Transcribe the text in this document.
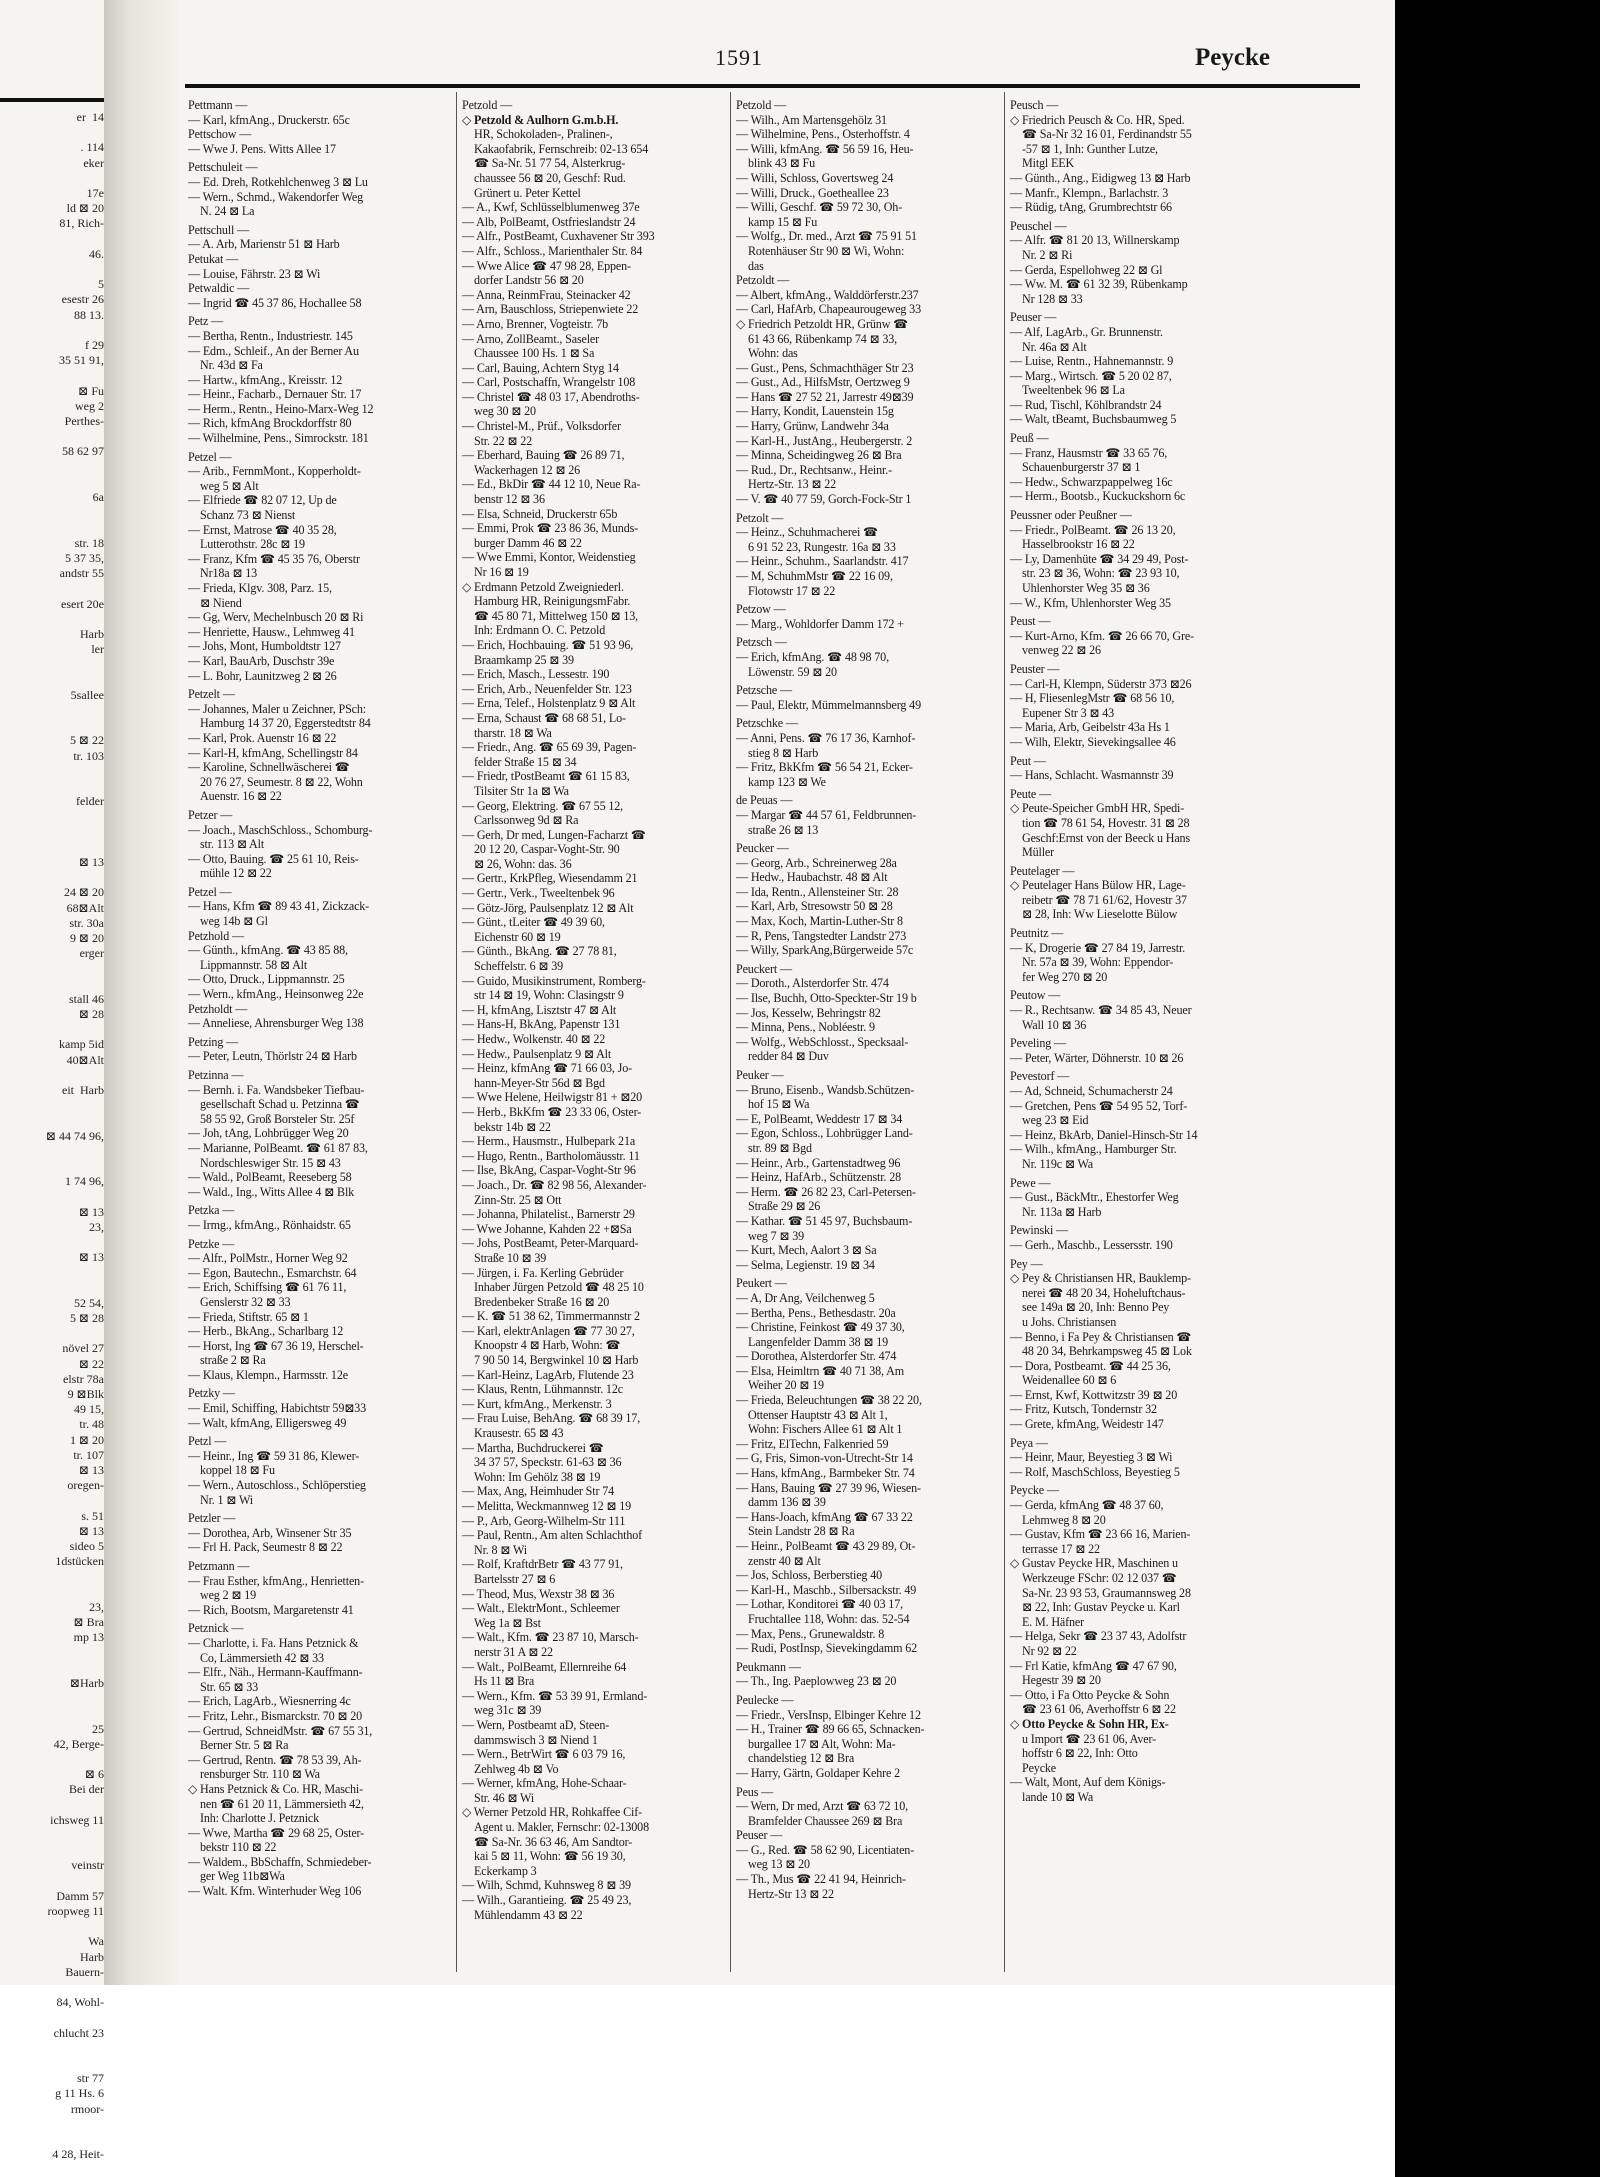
er  14

. 114
eker

17e
ld ⊠ 20
81, Rich-

46.

5
esestr 26
88 13.

f 29
35 51 91,

⊠ Fu
weg 2
Perthes-

58 62 97

6a

str. 18
5 37 35,
andstr 55

esert 20e

Harb
ler

5sallee

5 ⊠ 22
tr. 103

felder

⊠ 13

24 ⊠ 20
68⊠Alt
str. 30a
9 ⊠ 20
erger

stall 46
⊠ 28

kamp 5id
40⊠Alt

eit  Harb

⊠ 44 74 96,

1 74 96,

⊠ 13
23,

⊠ 13

52 54,
5 ⊠ 28

növel 27
⊠ 22
elstr 78a
9 ⊠Blk
49 15,
tr. 48
1 ⊠ 20
tr. 107
⊠ 13
oregen-

s. 51
⊠ 13
sideo 5
1dstücken

23,
⊠ Bra
mp 13

⊠Harb

25
42, Berge-

⊠ 6
Bei der

ichsweg 11

veinstr

Damm 57
roopweg 11

Wa
Harb
Bauern-

84, Wohl-

chlucht 23

str 77
g 11 Hs. 6
rmoor-

4 28, Heit-
1591	Peycke
Pettmann —
— Karl, kfmAng., Druckerstr. 65c
Pettschow —
— Wwe J. Pens. Witts Allee 17

Pettschuleit —
— Ed. Dreh, Rotkehlchenweg 3 ⊠ Lu
— Wern., Schmd., Wakendorfer Weg
N. 24 ⊠ La

Pettschull —
— A. Arb, Marienstr 51 ⊠ Harb
Petukat —
— Louise, Fährstr. 23 ⊠ Wi
Petwaldic —
— Ingrid ☎ 45 37 86, Hochallee 58

Petz —
— Bertha, Rentn., Industriestr. 145
— Edm., Schleif., An der Berner Au
Nr. 43d ⊠ Fa
— Hartw., kfmAng., Kreisstr. 12
— Heinr., Facharb., Dernauer Str. 17
— Herm., Rentn., Heino-Marx-Weg 12
— Rich, kfmAng Brockdorffstr 80
— Wilhelmine, Pens., Simrockstr. 181

Petzel —
— Arib., FernmMont., Kopperholdt-
weg 5 ⊠ Alt
— Elfriede ☎ 82 07 12, Up de
Schanz 73 ⊠ Nienst
— Ernst, Matrose ☎ 40 35 28,
Lutterothstr. 28c ⊠ 19
— Franz, Kfm ☎ 45 35 76, Oberstr
Nr18a ⊠ 13
— Frieda, Klgv. 308, Parz. 15,
⊠ Niend
— Gg, Werv, Mechelnbusch 20 ⊠ Ri
— Henriette, Hausw., Lehmweg 41
— Johs, Mont, Humboldtstr 127
— Karl, BauArb, Duschstr 39e
— L. Bohr, Launitzweg 2 ⊠ 26

Petzelt —
— Johannes, Maler u Zeichner, PSch:
Hamburg 14 37 20, Eggerstedtstr 84
— Karl, Prok. Auenstr 16 ⊠ 22
— Karl-H, kfmAng, Schellingstr 84
— Karoline, Schnellwäscherei ☎
20 76 27, Seumestr. 8 ⊠ 22, Wohn
Auenstr. 16 ⊠ 22

Petzer —
— Joach., MaschSchloss., Schomburg-
str. 113 ⊠ Alt
— Otto, Bauing. ☎ 25 61 10, Reis-
mühle 12 ⊠ 22

Petzel —
— Hans, Kfm ☎ 89 43 41, Zickzack-
weg 14b ⊠ Gl
Petzhold —
— Günth., kfmAng. ☎ 43 85 88,
Lippmannstr. 58 ⊠ Alt
— Otto, Druck., Lippmannstr. 25
— Wern., kfmAng., Heinsonweg 22e
Petzholdt —
— Anneliese, Ahrensburger Weg 138

Petzing —
— Peter, Leutn, Thörlstr 24 ⊠ Harb

Petzinna —
— Bernh. i. Fa. Wandsbeker Tiefbau-
gesellschaft Schad u. Petzinna ☎
58 55 92, Groß Borsteler Str. 25f
— Joh, tAng, Lohbrügger Weg 20
— Marianne, PolBeamt. ☎ 61 87 83,
Nordschleswiger Str. 15 ⊠ 43
— Wald., PolBeamt, Reeseberg 58
— Wald., Ing., Witts Allee 4 ⊠ Blk

Petzka —
— Irmg., kfmAng., Rönhaidstr. 65

Petzke —
— Alfr., PolMstr., Horner Weg 92
— Egon, Bautechn., Esmarchstr. 64
— Erich, Schiffsing ☎ 61 76 11,
Genslerstr 32 ⊠ 33
— Frieda, Stiftstr. 65 ⊠ 1
— Herb., BkAng., Scharlbarg 12
— Horst, Ing ☎ 67 36 19, Herschel-
straße 2 ⊠ Ra
— Klaus, Klempn., Harmsstr. 12e

Petzky —
— Emil, Schiffing, Habichtstr 59⊠33
— Walt, kfmAng, Elligersweg 49

Petzl —
— Heinr., Ing ☎ 59 31 86, Klewer-
koppel 18 ⊠ Fu
— Wern., Autoschloss., Schlöperstieg
Nr. 1 ⊠ Wi

Petzler —
— Dorothea, Arb, Winsener Str 35
— Frl H. Pack, Seumestr 8 ⊠ 22

Petzmann —
— Frau Esther, kfmAng., Henrietten-
weg 2 ⊠ 19
— Rich, Bootsm, Margaretenstr 41

Petznick —
— Charlotte, i. Fa. Hans Petznick &
Co, Lämmersieth 42 ⊠ 33
— Elfr., Näh., Hermann-Kauffmann-
Str. 65 ⊠ 33
— Erich, LagArb., Wiesnerring 4c
— Fritz, Lehr., Bismarckstr. 70 ⊠ 20
— Gertrud, SchneidMstr. ☎ 67 55 31,
Berner Str. 5 ⊠ Ra
— Gertrud, Rentn. ☎ 78 53 39, Ah-
rensburger Str. 110 ⊠ Wa
◇ Hans Petznick & Co. HR, Maschi-
nen ☎ 61 20 11, Lämmersieth 42,
Inh: Charlotte J. Petznick
— Wwe, Martha ☎ 29 68 25, Oster-
bekstr 110 ⊠ 22
— Waldem., BbSchaffn, Schmiedeber-
ger Weg 11b⊠Wa
— Walt. Kfm. Winterhuder Weg 106
Petzold —
◇ Petzold & Aulhorn G.m.b.H.
HR, Schokoladen-, Pralinen-,
Kakaofabrik, Fernschreib: 02-13 654
☎ Sa-Nr. 51 77 54, Alsterkrug-
chaussee 56 ⊠ 20, Geschf: Rud.
Grünert u. Peter Kettel
— A., Kwf, Schlüsselblumenweg 37e
— Alb, PolBeamt, Ostfrieslandstr 24
— Alfr., PostBeamt, Cuxhavener Str 393
— Alfr., Schloss., Marienthaler Str. 84
— Wwe Alice ☎ 47 98 28, Eppen-
dorfer Landstr 56 ⊠ 20
— Anna, ReinmFrau, Steinacker 42
— Arn, Bauschloss, Striepenwiete 22
— Arno, Brenner, Vogteistr. 7b
— Arno, ZollBeamt., Saseler
Chaussee 100 Hs. 1 ⊠ Sa
— Carl, Bauing, Achtern Styg 14
— Carl, Postschaffn, Wrangelstr 108
— Christel ☎ 48 03 17, Abendroths-
weg 30 ⊠ 20
— Christel-M., Prüf., Volksdorfer
Str. 22 ⊠ 22
— Eberhard, Bauing ☎ 26 89 71,
Wackerhagen 12 ⊠ 26
— Ed., BkDir ☎ 44 12 10, Neue Ra-
benstr 12 ⊠ 36
— Elsa, Schneid, Druckerstr 65b
— Emmi, Prok ☎ 23 86 36, Munds-
burger Damm 46 ⊠ 22
— Wwe Emmi, Kontor, Weidenstieg
Nr 16 ⊠ 19
◇ Erdmann Petzold Zweigniederl.
Hamburg HR, ReinigungsmFabr.
☎ 45 80 71, Mittelweg 150 ⊠ 13,
Inh: Erdmann O. C. Petzold
— Erich, Hochbauing. ☎ 51 93 96,
Braamkamp 25 ⊠ 39
— Erich, Masch., Lessestr. 190
— Erich, Arb., Neuenfelder Str. 123
— Erna, Telef., Holstenplatz 9 ⊠ Alt
— Erna, Schaust ☎ 68 68 51, Lo-
tharstr. 18 ⊠ Wa
— Friedr., Ang. ☎ 65 69 39, Pagen-
felder Straße 15 ⊠ 34
— Friedr, tPostBeamt ☎ 61 15 83,
Tilsiter Str 1a ⊠ Wa
— Georg, Elektring. ☎ 67 55 12,
Carlssonweg 9d ⊠ Ra
— Gerh, Dr med, Lungen-Facharzt ☎
20 12 20, Caspar-Voght-Str. 90
⊠ 26, Wohn: das. 36
— Gertr., KrkPfleg, Wiesendamm 21
— Gertr., Verk., Tweeltenbek 96
— Götz-Jörg, Paulsenplatz 12 ⊠ Alt
— Günt., tLeiter ☎ 49 39 60,
Eichenstr 60 ⊠ 19
— Günth., BkAng. ☎ 27 78 81,
Scheffelstr. 6 ⊠ 39
— Guido, Musikinstrument, Romberg-
str 14 ⊠ 19, Wohn: Clasingstr 9
— H, kfmAng, Lisztstr 47 ⊠ Alt
— Hans-H, BkAng, Papenstr 131
— Hedw., Wolkenstr. 40 ⊠ 22
— Hedw., Paulsenplatz 9 ⊠ Alt
— Heinz, kfmAng ☎ 71 66 03, Jo-
hann-Meyer-Str 56d ⊠ Bgd
— Wwe Helene, Heilwigstr 81 + ⊠20
— Herb., BkKfm ☎ 23 33 06, Oster-
bekstr 14b ⊠ 22
— Herm., Hausmstr., Hulbepark 21a
— Hugo, Rentn., Bartholomäusstr. 11
— Ilse, BkAng, Caspar-Voght-Str 96
— Joach., Dr. ☎ 82 98 56, Alexander-
Zinn-Str. 25 ⊠ Ott
— Johanna, Philatelist., Barnerstr 29
— Wwe Johanne, Kahden 22 +⊠Sa
— Johs, PostBeamt, Peter-Marquard-
Straße 10 ⊠ 39
— Jürgen, i. Fa. Kerling Gebrüder
Inhaber Jürgen Petzold ☎ 48 25 10
Bredenbeker Straße 16 ⊠ 20
— K. ☎ 51 38 62, Timmermannstr 2
— Karl, elektrAnlagen ☎ 77 30 27,
Knoopstr 4 ⊠ Harb, Wohn: ☎
7 90 50 14, Bergwinkel 10 ⊠ Harb
— Karl-Heinz, LagArb, Flutende 23
— Klaus, Rentn, Lühmannstr. 12c
— Kurt, kfmAng., Merkenstr. 3
— Frau Luise, BehAng. ☎ 68 39 17,
Krausestr. 65 ⊠ 43
— Martha, Buchdruckerei ☎
34 37 57, Speckstr. 61-63 ⊠ 36
Wohn: Im Gehölz 38 ⊠ 19
— Max, Ang, Heimhuder Str 74
— Melitta, Weckmannweg 12 ⊠ 19
— P., Arb, Georg-Wilhelm-Str 111
— Paul, Rentn., Am alten Schlachthof
Nr. 8 ⊠ Wi
— Rolf, KraftdrBetr ☎ 43 77 91,
Bartelsstr 27 ⊠ 6
— Theod, Mus, Wexstr 38 ⊠ 36
— Walt., ElektrMont., Schleemer
Weg 1a ⊠ Bst
— Walt., Kfm. ☎ 23 87 10, Marsch-
nerstr 31 A ⊠ 22
— Walt., PolBeamt, Ellernreihe 64
Hs 11 ⊠ Bra
— Wern., Kfm. ☎ 53 39 91, Ermland-
weg 31c ⊠ 39
— Wern, Postbeamt aD, Steen-
dammswisch 3 ⊠ Niend 1
— Wern., BetrWirt ☎ 6 03 79 16,
Zehlweg 4b ⊠ Vo
— Werner, kfmAng, Hohe-Schaar-
Str. 46 ⊠ Wi
◇ Werner Petzold HR, Rohkaffee Cif-
Agent u. Makler, Fernschr: 02-13008
☎ Sa-Nr. 36 63 46, Am Sandtor-
kai 5 ⊠ 11, Wohn: ☎ 56 19 30,
Eckerkamp 3
— Wilh, Schmd, Kuhnsweg 8 ⊠ 39
— Wilh., Garantieing. ☎ 25 49 23,
Mühlendamm 43 ⊠ 22
Petzold —
— Wilh., Am Martensgehölz 31
— Wilhelmine, Pens., Osterhoffstr. 4
— Willi, kfmAng. ☎ 56 59 16, Heu-
blink 43 ⊠ Fu
— Willi, Schloss, Govertsweg 24
— Willi, Druck., Goetheallee 23
— Willi, Geschf. ☎ 59 72 30, Oh-
kamp 15 ⊠ Fu
— Wolfg., Dr. med., Arzt ☎ 75 91 51
Rotenhäuser Str 90 ⊠ Wi, Wohn:
das
Petzoldt —
— Albert, kfmAng., Walddörferstr.237
— Carl, HafArb, Chapeaurougeweg 33
◇ Friedrich Petzoldt HR, Grünw ☎
61 43 66, Rübenkamp 74 ⊠ 33,
Wohn: das
— Gust., Pens, Schmachthäger Str 23
— Gust., Ad., HilfsMstr, Oertzweg 9
— Hans ☎ 27 52 21, Jarrestr 49⊠39
— Harry, Kondit, Lauenstein 15g
— Harry, Grünw, Landwehr 34a
— Karl-H., JustAng., Heubergerstr. 2
— Minna, Scheidingweg 26 ⊠ Bra
— Rud., Dr., Rechtsanw., Heinr.-
Hertz-Str. 13 ⊠ 22
— V. ☎ 40 77 59, Gorch-Fock-Str 1

Petzolt —
— Heinz., Schuhmacherei ☎
6 91 52 23, Rungestr. 16a ⊠ 33
— Heinr., Schuhm., Saarlandstr. 417
— M, SchuhmMstr ☎ 22 16 09,
Flotowstr 17 ⊠ 22

Petzow —
— Marg., Wohldorfer Damm 172 +

Petzsch —
— Erich, kfmAng. ☎ 48 98 70,
Löwenstr. 59 ⊠ 20

Petzsche —
— Paul, Elektr, Mümmelmannsberg 49

Petzschke —
— Anni, Pens. ☎ 76 17 36, Karnhof-
stieg 8 ⊠ Harb
— Fritz, BkKfm ☎ 56 54 21, Ecker-
kamp 123 ⊠ We

de Peuas —
— Margar ☎ 44 57 61, Feldbrunnen-
straße 26 ⊠ 13

Peucker —
— Georg, Arb., Schreinerweg 28a
— Hedw., Haubachstr. 48 ⊠ Alt
— Ida, Rentn., Allensteiner Str. 28
— Karl, Arb, Stresowstr 50 ⊠ 28
— Max, Koch, Martin-Luther-Str 8
— R, Pens, Tangstedter Landstr 273
— Willy, SparkAng,Bürgerweide 57c

Peuckert —
— Doroth., Alsterdorfer Str. 474
— Ilse, Buchh, Otto-Speckter-Str 19 b
— Jos, Kesselw, Behringstr 82
— Minna, Pens., Nobléestr. 9
— Wolfg., WebSchlosst., Specksaal-
redder 84 ⊠ Duv

Peuker —
— Bruno, Eisenb., Wandsb.Schützen-
hof 15 ⊠ Wa
— E, PolBeamt, Weddestr 17 ⊠ 34
— Egon, Schloss., Lohbrügger Land-
str. 89 ⊠ Bgd
— Heinr., Arb., Gartenstadtweg 96
— Heinz, HafArb., Schützenstr. 28
— Herm. ☎ 26 82 23, Carl-Petersen-
Straße 29 ⊠ 26
— Kathar. ☎ 51 45 97, Buchsbaum-
weg 7 ⊠ 39
— Kurt, Mech, Aalort 3 ⊠ Sa
— Selma, Legienstr. 19 ⊠ 34

Peukert —
— A, Dr Ang, Veilchenweg 5
— Bertha, Pens., Bethesdastr. 20a
— Christine, Feinkost ☎ 49 37 30,
Langenfelder Damm 38 ⊠ 19
— Dorothea, Alsterdorfer Str. 474
— Elsa, Heimltrn ☎ 40 71 38, Am
Weiher 20 ⊠ 19
— Frieda, Beleuchtungen ☎ 38 22 20,
Ottenser Hauptstr 43 ⊠ Alt 1,
Wohn: Fischers Allee 61 ⊠ Alt 1
— Fritz, ElTechn, Falkenried 59
— G, Fris, Simon-von-Utrecht-Str 14
— Hans, kfmAng., Barmbeker Str. 74
— Hans, Bauing ☎ 27 39 96, Wiesen-
damm 136 ⊠ 39
— Hans-Joach, kfmAng ☎ 67 33 22
Stein Landstr 28 ⊠ Ra
— Heinr., PolBeamt ☎ 43 29 89, Ot-
zenstr 40 ⊠ Alt
— Jos, Schloss, Berberstieg 40
— Karl-H., Maschb., Silbersackstr. 49
— Lothar, Konditorei ☎ 40 03 17,
Fruchtallee 118, Wohn: das. 52-54
— Max, Pens., Grunewaldstr. 8
— Rudi, PostInsp, Sievekingdamm 62

Peukmann —
— Th., Ing. Paeplowweg 23 ⊠ 20

Peulecke —
— Friedr., VersInsp, Elbinger Kehre 12
— H., Trainer ☎ 89 66 65, Schnacken-
burgallee 17 ⊠ Alt, Wohn: Ma-
chandelstieg 12 ⊠ Bra
— Harry, Gärtn, Goldaper Kehre 2

Peus —
— Wern, Dr med, Arzt ☎ 63 72 10,
Bramfelder Chaussee 269 ⊠ Bra
Peuser —
— G., Red. ☎ 58 62 90, Licentiaten-
weg 13 ⊠ 20
— Th., Mus ☎ 22 41 94, Heinrich-
Hertz-Str 13 ⊠ 22
Peusch —
◇ Friedrich Peusch & Co. HR, Sped.
☎ Sa-Nr 32 16 01, Ferdinandstr 55
-57 ⊠ 1, Inh: Gunther Lutze,
Mitgl EEK
— Günth., Ang., Eidigweg 13 ⊠ Harb
— Manfr., Klempn., Barlachstr. 3
— Rüdig, tAng, Grumbrechtstr 66

Peuschel —
— Alfr. ☎ 81 20 13, Willnerskamp
Nr. 2 ⊠ Ri
— Gerda, Espellohweg 22 ⊠ Gl
— Ww. M. ☎ 61 32 39, Rübenkamp
Nr 128 ⊠ 33

Peuser —
— Alf, LagArb., Gr. Brunnenstr.
Nr. 46a ⊠ Alt
— Luise, Rentn., Hahnemannstr. 9
— Marg., Wirtsch. ☎ 5 20 02 87,
Tweeltenbek 96 ⊠ La
— Rud, Tischl, Köhlbrandstr 24
— Walt, tBeamt, Buchsbaumweg 5

Peuß —
— Franz, Hausmstr ☎ 33 65 76,
Schauenburgerstr 37 ⊠ 1
— Hedw., Schwarzpappelweg 16c
— Herm., Bootsb., Kuckuckshorn 6c

Peussner oder Peußner —
— Friedr., PolBeamt. ☎ 26 13 20,
Hasselbrookstr 16 ⊠ 22
— Ly, Damenhüte ☎ 34 29 49, Post-
str. 23 ⊠ 36, Wohn: ☎ 23 93 10,
Uhlenhorster Weg 35 ⊠ 36
— W., Kfm, Uhlenhorster Weg 35

Peust —
— Kurt-Arno, Kfm. ☎ 26 66 70, Gre-
venweg 22 ⊠ 26

Peuster —
— Carl-H, Klempn, Süderstr 373 ⊠26
— H, FliesenlegMstr ☎ 68 56 10,
Eupener Str 3 ⊠ 43
— Maria, Arb, Geibelstr 43a Hs 1
— Wilh, Elektr, Sievekingsallee 46

Peut —
— Hans, Schlacht. Wasmannstr 39

Peute —
◇ Peute-Speicher GmbH HR, Spedi-
tion ☎ 78 61 54, Hovestr. 31 ⊠ 28
Geschf:Ernst von der Beeck u Hans
Müller

Peutelager —
◇ Peutelager Hans Bülow HR, Lage-
reibetr ☎ 78 71 61/62, Hovestr 37
⊠ 28, Inh: Ww Lieselotte Bülow

Peutnitz —
— K, Drogerie ☎ 27 84 19, Jarrestr.
Nr. 57a ⊠ 39, Wohn: Eppendor-
fer Weg 270 ⊠ 20

Peutow —
— R., Rechtsanw. ☎ 34 85 43, Neuer
Wall 10 ⊠ 36

Peveling —
— Peter, Wärter, Döhnerstr. 10 ⊠ 26

Pevestorf —
— Ad, Schneid, Schumacherstr 24
— Gretchen, Pens ☎ 54 95 52, Torf-
weg 23 ⊠ Eid
— Heinz, BkArb, Daniel-Hinsch-Str 14
— Wilh., kfmAng., Hamburger Str.
Nr. 119c ⊠ Wa

Pewe —
— Gust., BäckMtr., Ehestorfer Weg
Nr. 113a ⊠ Harb

Pewinski —
— Gerh., Maschb., Lessersstr. 190

Pey —
◇ Pey & Christiansen HR, Bauklemp-
nerei ☎ 48 20 34, Hoheluftchaus-
see 149a ⊠ 20, Inh: Benno Pey
u Johs. Christiansen
— Benno, i Fa Pey & Christiansen ☎
48 20 34, Behrkampsweg 45 ⊠ Lok
— Dora, Postbeamt. ☎ 44 25 36,
Weidenallee 60 ⊠ 6
— Ernst, Kwf, Kottwitzstr 39 ⊠ 20
— Fritz, Kutsch, Tondernstr 32
— Grete, kfmAng, Weidestr 147

Peya —
— Heinr, Maur, Beyestieg 3 ⊠ Wi
— Rolf, MaschSchloss, Beyestieg 5

Peycke —
— Gerda, kfmAng ☎ 48 37 60,
Lehmweg 8 ⊠ 20
— Gustav, Kfm ☎ 23 66 16, Marien-
terrasse 17 ⊠ 22
◇ Gustav Peycke HR, Maschinen u
Werkzeuge FSchr: 02 12 037 ☎
Sa-Nr. 23 93 53, Graumannsweg 28
⊠ 22, Inh: Gustav Peycke u. Karl
E. M. Häfner
— Helga, Sekr ☎ 23 37 43, Adolfstr
Nr 92 ⊠ 22
— Frl Katie, kfmAng ☎ 47 67 90,
Hegestr 39 ⊠ 20
— Otto, i Fa Otto Peycke & Sohn
☎ 23 61 06, Averhoffstr 6 ⊠ 22
◇ Otto Peycke & Sohn HR, Ex-
u Import ☎ 23 61 06, Aver-
hoffstr 6 ⊠ 22, Inh: Otto
Peycke
— Walt, Mont, Auf dem Königs-
lande 10 ⊠ Wa
